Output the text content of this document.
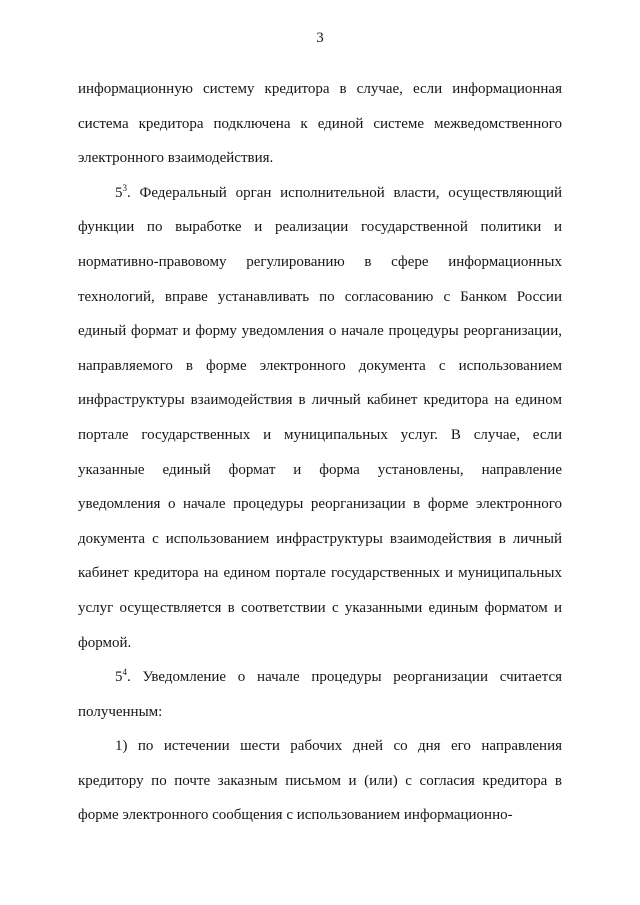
3

информационную систему кредитора в случае, если информационная система кредитора подключена к единой системе межведомственного электронного взаимодействия.

$5^3$. Федеральный орган исполнительной власти, осуществляющий функции по выработке и реализации государственной политики и нормативно-правовому регулированию в сфере информационных технологий, вправе устанавливать по согласованию с Банком России единый формат и форму уведомления о начале процедуры реорганизации, направляемого в форме электронного документа с использованием инфраструктуры взаимодействия в личный кабинет кредитора на едином портале государственных и муниципальных услуг. В случае, если указанные единый формат и форма установлены, направление уведомления о начале процедуры реорганизации в форме электронного документа с использованием инфраструктуры взаимодействия в личный кабинет кредитора на едином портале государственных и муниципальных услуг осуществляется в соответствии с указанными единым форматом и формой.

$5^4$. Уведомление о начале процедуры реорганизации считается полученным:

1) по истечении шести рабочих дней со дня его направления кредитору по почте заказным письмом и (или) с согласия кредитора в форме электронного сообщения с использованием информационно-
